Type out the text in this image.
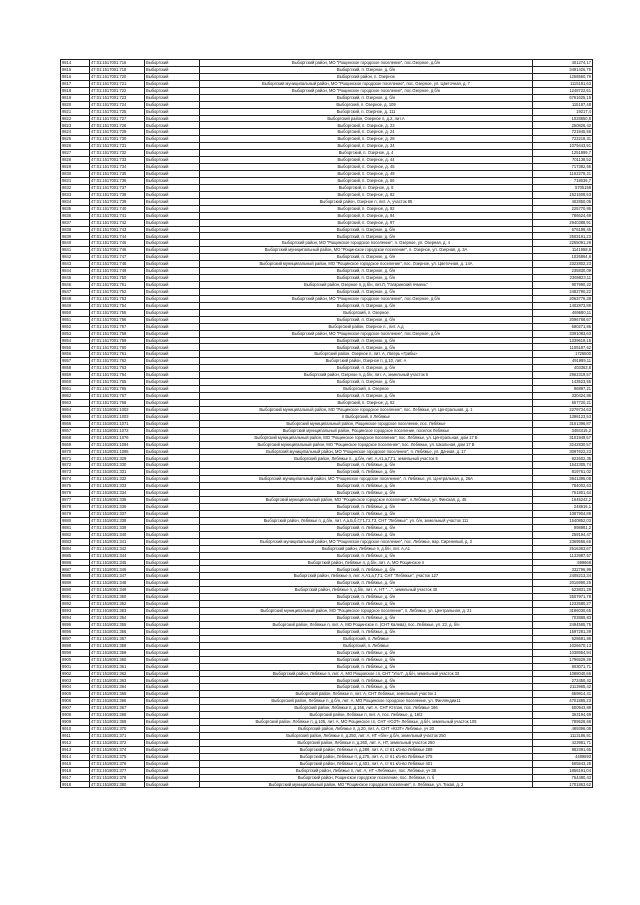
9814	47:01:1517001:716	Выборгский	Выборгский район, МО "Рощинское городское поселение", пос.Озерное, д.б/н	401274,17
9815	47:01:1517001:718	Выборгский	Выборгский, п. Озерное, д. б/н	3491426,75
9816	47:01:1517001:720	Выборгский	Выборгский район, п. Озерное	1258560,79
9817	47:01:1517001:721	Выборгский	Выборгский муниципальный район, МО "Рощинское городское поселение", пос. Озерное, ул. Цветочная, д. 7	1115181,63
9818	47:01:1517001:722	Выборгский	Выборгский район, МО "Рощинское городское поселение", пос.Озерное, д.б/н	1248722,51
9819	47:01:1517001:723	Выборгский	Выборгский, п. Озерное, д. б/н	6761625,19
9820	47:01:1517001:724	Выборгский	Выборгский, п. Озерное, д. 109	115187,48
9821	47:01:1517001:725	Выборгский	Выборгский, п. Озерное, д. 111	19217,4
9822	47:01:1517001:727	Выборгский	Выборгский район, Озерное п, д.2, лит.А	1028850,8
9823	47:01:1517001:728	Выборгский	Выборгский, п. Озерное, д. 23	250826,42
9824	47:01:1517001:729	Выборгский	Выборгский, п. Озерное, д. 24	721945,56
9825	47:01:1517001:730	Выборгский	Выборгский, п. Озерное, д. 28	722218,31
9826	47:01:1517001:731	Выборгский	Выборгский, п. Озерное, д. 34	1079443,91
9827	47:01:1517001:732	Выборгский	Выборгский, п. Озерное, д. 4	1251899,7
9828	47:01:1517001:733	Выборгский	Выборгский, п. Озерное, д. 44	701138,52
9829	47:01:1517001:734	Выборгский	Выборгский, п. Озерное, д. 45	717382,56
9830	47:01:1517001:735	Выборгский	Выборгский, п. Озерное, д. 49	1162279,21
9831	47:01:1517001:736	Выборгский	Выборгский, п. Озерное, д. 56	718036,7
9832	47:01:1517001:737	Выборгский	Выборгский, п. Озерное, д. 8	5705158
9833	47:01:1517001:738	Выборгский	Выборгский, п. Озерное, д. 82	1521508,53
9834	47:01:1517001:739	Выборгский	Выборгский район, Озерное п, лит. А, участок 85	402850,05
9835	47:01:1517001:740	Выборгский	Выборгский, п. Озерное, д. 92	225770,86
9836	47:01:1517001:741	Выборгский	Выборгский, п. Озерное, д. 94	786624,69
9837	47:01:1517001:742	Выборгский	Выборгский, п. Озерное, д. 97	2940388,91
9838	47:01:1517001:743	Выборгский	Выборгский, п. Озерное, д. б/н	676199,45
9839	47:01:1517001:744	Выборгский	Выборгский, п. Озерное, д. б/н	2503191,23
9840	47:01:1517001:745	Выборгский	Выборгский район, МО "Рощинское городское поселение", п. Озерное, ул. Озерная, д. 4	2255091,28
9841	47:01:1517001:746	Выборгский	Выборгский муниципальный район, МО "Рощинское городское поселение", п. Озерное, ул. Озерная, д. 3А	1141558,8
9842	47:01:1517001:747	Выборгский	Выборгский, п. Озерное, д. б/н	1026864,6
9843	47:01:1517001:748	Выборгский	Выборгский муниципальный район, МО "Рощинское городское поселение", пос. Озерное, ул. Цветочная, д. 14А	2322802,23
9844	47:01:1517001:749	Выборгский	Выборгский, п. Озерное, д. б/н	235830,09
9845	47:01:1517001:750	Выборгский	Выборгский, п. Озерное, д. б/н	2369823,11
9846	47:01:1517001:751	Выборгский	Выборгский район, Озерное п, д.б/н, лит.Л, "Гагаринский ячмень"	907990,22
9847	47:01:1517001:752	Выборгский	Выборгский, п. Озерное, д. б/н	2482790,22
9848	47:01:1517001:753	Выборгский	Выборгский район, МО "Рощинское городское поселение", пос.Озерное, д.б/н	2063776,38
9849	47:01:1517001:754	Выборгский	Выборгский, п. Озерное, д. б/н	1402873,89
9850	47:01:1517001:755	Выборгский	Выборгский, п. Озерное	469680,11
9851	47:01:1517001:756	Выборгский	Выборгский, п. Озерное, д. б/н	2096768,67
9852	47:01:1517001:757	Выборгский	Выборгский район, Озерное п., лит. А,д	580271,86
9853	47:01:1517001:758	Выборгский	Выборгский район, МО "Рощинское городское поселение", пос.Озерное, д.б/н	3391083,63
9854	47:01:1517001:759	Выборгский	Выборгский, п. Озерное, д. б/н	1339619,15
9855	47:01:1517001:760	Выборгский	Выборгский, п. Озерное, д. б/н	1105187,62
9856	47:01:1517001:761	Выборгский	Выборгский район, Озерное п, лит. А, Лагерь «Грибы»	1726500
9857	47:01:1517001:762	Выборгский	Выборгский район, Озерное п, д.10, лит. А	491989,11
9858	47:01:1517001:763	Выборгский	Выборгский, п. Озерное, д. б/н	403363,8
9859	47:01:1517001:764	Выборгский	Выборгский район, Озерное п, д.б/н, лит. А, земельный участок 6	2962319,57
9860	47:01:1517001:765	Выборгский	Выборгский, п. Озерное, д. б/н	143523,55
9861	47:01:1517001:766	Выборгский	Выборгский, п. Озерное	96897,21
9862	47:01:1517001:767	Выборгский	Выборгский, п. Озерное, д. б/н	330424,86
9863	47:01:1517001:768	Выборгский	Выборгский, п. Озерное, д. 62	567720,21
9864	47:01:1518001:1002	Выборгский	Выборгский муниципальный район, МО "Рощинское городское поселение", пос. Лебяжье, ул. Центральная, д. 1	2279734,63
9865	47:01:1518001:1003	Выборгский	п Выборгский, п Лебяжье	1396123,53
9866	47:01:1518001:1071	Выборгский	Выборгский муниципальный район, Рощинское городское поселение, пос. Лебяжье	3161396,87
9867	47:01:1518001:1072	Выборгский	Выборгский муниципальный район, Рощинское городское поселение, поселок Лебяжье	3484415,2
9868	47:01:1518001:1076	Выборгский	Выборгский муниципальный район, МО "Рощинское городское поселение", пос. Лебяжье, ул. Центральная, дом 17 Б	3101949,57
9869	47:01:1518001:1094	Выборгский	Выборгский муниципальный район, МО "Рощинское городское поселение", пос. Лебяжье, ул. Школьная, дом 17 В	3242830,57
9870	47:01:1518001:1095	Выборгский	Выборгский муниципальный район, МО "Рощинское городское поселение", п. Лебяжье, ул. Дачная, д. 17	3097622,23
9871	47:01:1518001:329	Выборгский	Выборгский район, Лебяжье п., д.б/н, лит. А,А1,а,Г,Г1, земельный участок 5	822602,35
9872	47:01:1518001:330	Выборгский	Выборгский, п. Лебяжье, д. б/н	1542305,74
9873	47:01:1518001:331	Выборгский	Выборгский, п. Лебяжье, д. б/н	819761,02
9874	47:01:1518001:332	Выборгский	Выборгский муниципальный район, МО "Рощинское городское поселение", п. Лебяжье, ул. Центральная, д. 26А	3841395,08
9875	47:01:1518001:333	Выборгский	Выборгский, п. Лебяжье, д. б/н	784002,63
9876	47:01:1518001:334	Выборгский	Выборгский, п. Лебяжье, д. б/н	761801,64
9877	47:01:1518001:335	Выборгский	Выборгский муниципальный район, МО "Рощинское городское поселение", п.Лебяжье, ул. Финская, д. 45	1645242,2
9878	47:01:1518001:336	Выборгский	Выборгский, п. Лебяжье, д. б/н	248616,1
9879	47:01:1518001:337	Выборгский	Выборгский, п. Лебяжье, д. б/н	1087904,89
9880	47:01:1518001:338	Выборгский	Выборгский район, Лебяжье п, д.б/н, лит. А,а,Б,б,Г,Г1,Г2,Г3, СНТ "Лебяжье", ул. б/н, земельный участок 111	1540852,03
9881	47:01:1518001:339	Выборгский	Выборгский, п. Лебяжье, д. б/н	998981,2
9882	47:01:1518001:340	Выборгский	Выборгский, п. Лебяжье, д. б/н	259194,47
9883	47:01:1518001:341	Выборгский	Выборгский муниципальный район, МО "Рощинское городское поселение", пос. Лебяжье, вар. Сиреневый, д. 3	2369566,66
9884	47:01:1518001:342	Выборгский	Выборгский район, Лебяжье п, д.б/н, лит. А,А1	2516363,67
9885	47:01:1518001:344	Выборгский	Выборгский, п. Лебяжье, д. б/н	1133987,57
9886	47:01:1518001:345	Выборгский	Выборгский район, Лебяжье п, д.б/н, лит. А, МО Рощинское п	599668
9887	47:01:1518001:346	Выборгский	Выборгский, п. Лебяжье, д. б/н	332796,99
9888	47:01:1518001:347	Выборгский	Выборгский район, Лебяжье п, лит. А,А1,а,Г,Г1, СНТ "Лебяжье", участок 127	2408213,34
9889	47:01:1518001:348	Выборгский	Выборгский, п. Лебяжье, д. б/н	2016990,25
9890	47:01:1518001:349	Выборгский	Выборгский район, Лебяжье п, д.б/н, лит. А, НТ "…", земельный участок 40	623831,29
9891	47:01:1518001:350	Выборгский	Выборгский, п. Лебяжье, д. б/н	2507971,78
9892	47:01:1518001:352	Выборгский	Выборгский, п. Лебяжье, д. б/н	1232580,27
9893	47:01:1518001:353	Выборгский	Выборгский муниципальный район, МО "Рощинское городское поселение", п. Лебяжье, ул. Центральная, д. 21	3186030,65
9894	47:01:1518001:354	Выборгский	Выборгский, п. Лебяжье, д. б/н	703889,83
9895	47:01:1518001:355	Выборгский	Выборгский район, Лебяжье п, лит. А, МО Рощинское п. (СНТ Калева), пос. Лебяжье, ул. 23, д. б/н	2494585,75
9896	47:01:1518001:356	Выборгский	Выборгский, п. Лебяжье, д. б/н	1597281,39
9897	47:01:1518001:357	Выборгский	Выборгский, п. Лебяжье	528681,86
9898	47:01:1518001:358	Выборгский	Выборгский, п. Лебяжье	1026670,13
9899	47:01:1518001:359	Выборгский	Выборгский, п. Лебяжье, д. б/н	1038954,94
9900	47:01:1518001:360	Выборгский	Выборгский, п. Лебяжье, д. б/н	1796529,39
9901	47:01:1518001:361	Выборгский	Выборгский, п. Лебяжье, д. б/н	803071,71
9902	47:01:1518001:362	Выборгский	Выборгский район, Лебяжье п, лит. А, МО Рощинское г.п, СНТ "Угол", д.б/н, земельный участок 33	1088040,66
9903	47:01:1518001:363	Выборгский	Выборгский, п. Лебяжье, д. б/н	272450,42
9904	47:01:1518001:364	Выборгский	Выборгский, п. Лебяжье, д. б/н	2113965,42
9905	47:01:1518001:365	Выборгский	Выборгский район, Лебяжье п, лит. А, СНТ Лебяжье, земельный участок 1	659914,41
9906	47:01:1518001:366	Выборгский	Выборгский район, Лебяжье п, д.б/н, лит. А, МО Рощинское городское поселение, ул. Финляндии11	4701885,23
9907	47:01:1518001:367	Выборгский	Выборгский район, Лебяжье п, д.166, лит. А, СНТ Ютлан, пос. Лебяжье 166	500943,89
9908	47:01:1518001:368	Выборгский	Выборгский район, Лебяжье п, лит. А, пос. Лебяжье, д. 16/2	363194,69
9909	47:01:1518001:369	Выборгский	Выборгский район, Лебяжье п, д.105, лит. А, МО Рощинское г.п, СНТ «ЮЗТ» Лебяжье, д.б/н, земельный участок 105	789528,68
9910	47:01:1518001:370	Выборгский	Выборгский район, Лебяжье п, д.20, лит. А, СНТ «ЮЗТ» Лебяжье, уч 20	489396,08
9911	47:01:1518001:371	Выборгский	Выборгский район, Лебяжье п, д.250, лит. А, НТ «б/н» д.б/н, земельный участок 250	1113186,91
9912	47:01:1518001:372	Выборгский	Выборгский район, Лебяжье п, д.260, лит. А, НТ, земельный участок 260	423981,71
9913	47:01:1518001:374	Выборгский	Выборгский район, Лебяжье п, д.289, лит. А, ст 61 к/о-во Лебяжье 289	982391,65
9914	47:01:1518001:375	Выборгский	Выборгский район, Лебяжье п, д.275, лит. А, ст 61 к/о-во Лебяжье 275	4489593
9915	47:01:1518001:376	Выборгский	Выборгский район, Лебяжье п, д.401, лит. А, ст 61 к/о-во Лебяжье 401	565543,25
9916	47:01:1518001:377	Выборгский	Выборгский район, Лебяжье п, лит. А, НТ «Лебяжье», пос. Лебяжье, уч 38	1856191,04
9917	47:01:1518001:378	Выборгский	Выборгский район, Рощинское городское поселение, пос. Лебяжье, п. б	764480,43
9918	47:01:1518001:380	Выборгский	Выборгский муниципальный район, МО "Рощинское городское поселение", п. Лебяжье, ул. Тихая, д. 2	1701863,62
